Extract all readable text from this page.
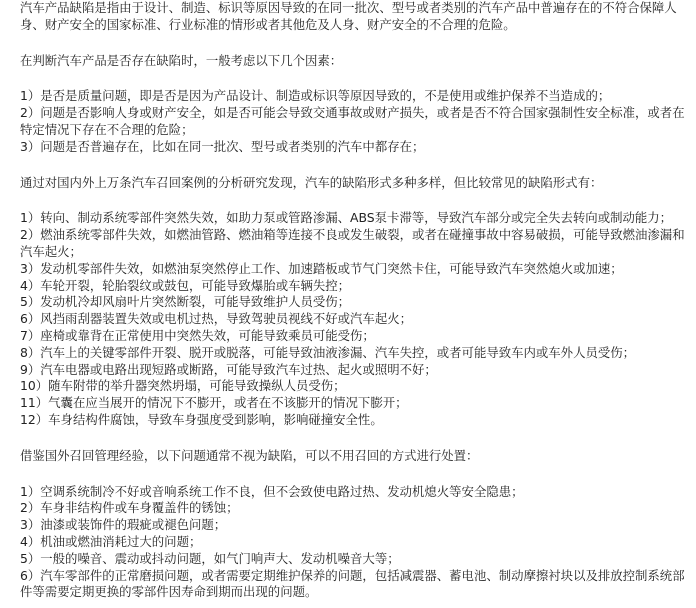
汽车产品缺陷是指由于设计、制造、标识等原因导致的在同一批次、型号或者类别的汽车产品中普遍存在的不符合保障人身、财产安全的国家标准、行业标准的情形或者其他危及人身、财产安全的不合理的危险。

在判断汽车产品是否存在缺陷时，一般考虑以下几个因素：

1）是否是质量问题，即是否是因为产品设计、制造或标识等原因导致的，不是使用或维护保养不当造成的；

2）问题是否影响人身或财产安全，如是否可能会导致交通事故或财产损失，或者是否不符合国家强制性安全标准，或者在特定情况下存在不合理的危险；

3）问题是否普遍存在，比如在同一批次、型号或者类别的汽车中都存在；

通过对国内外上万条汽车召回案例的分析研究发现，汽车的缺陷形式多种多样，但比较常见的缺陷形式有：

1）转向、制动系统零部件突然失效，如助力泵或管路渗漏、ABS泵卡滞等，导致汽车部分或完全失去转向或制动能力；

2）燃油系统零部件失效，如燃油管路、燃油箱等连接不良或发生破裂，或者在碰撞事故中容易破损，可能导致燃油渗漏和汽车起火；

3）发动机零部件失效，如燃油泵突然停止工作、加速踏板或节气门突然卡住，可能导致汽车突然熄火或加速；

4）车轮开裂，轮胎裂纹或鼓包，可能导致爆胎或车辆失控；

5）发动机冷却风扇叶片突然断裂，可能导致维护人员受伤；

6）风挡雨刮器装置失效或电机过热，导致驾驶员视线不好或汽车起火；

7）座椅或靠背在正常使用中突然失效，可能导致乘员可能受伤；

8）汽车上的关键零部件开裂、脱开或脱落，可能导致油液渗漏、汽车失控，或者可能导致车内或车外人员受伤；

9）汽车电器或电路出现短路或断路，可能导致汽车过热、起火或照明不好；

10）随车附带的举升器突然坍塌，可能导致操纵人员受伤；

11）气囊在应当展开的情况下不膨开，或者在不该膨开的情况下膨开；

12）车身结构件腐蚀，导致车身强度受到影响，影响碰撞安全性。

借鉴国外召回管理经验，以下问题通常不视为缺陷，可以不用召回的方式进行处置：

1）空调系统制冷不好或音响系统工作不良，但不会致使电路过热、发动机熄火等安全隐患；

2）车身非结构件或车身覆盖件的锈蚀；

3）油漆或装饰件的瑕疵或褪色问题；

4）机油或燃油消耗过大的问题；

5）一般的噪音、震动或抖动问题，如气门响声大、发动机噪音大等；

6）汽车零部件的正常磨损问题，或者需要定期维护保养的问题，包括减震器、蓄电池、制动摩擦衬块以及排放控制系统部件等需要定期更换的零部件因寿命到期而出现的问题。
